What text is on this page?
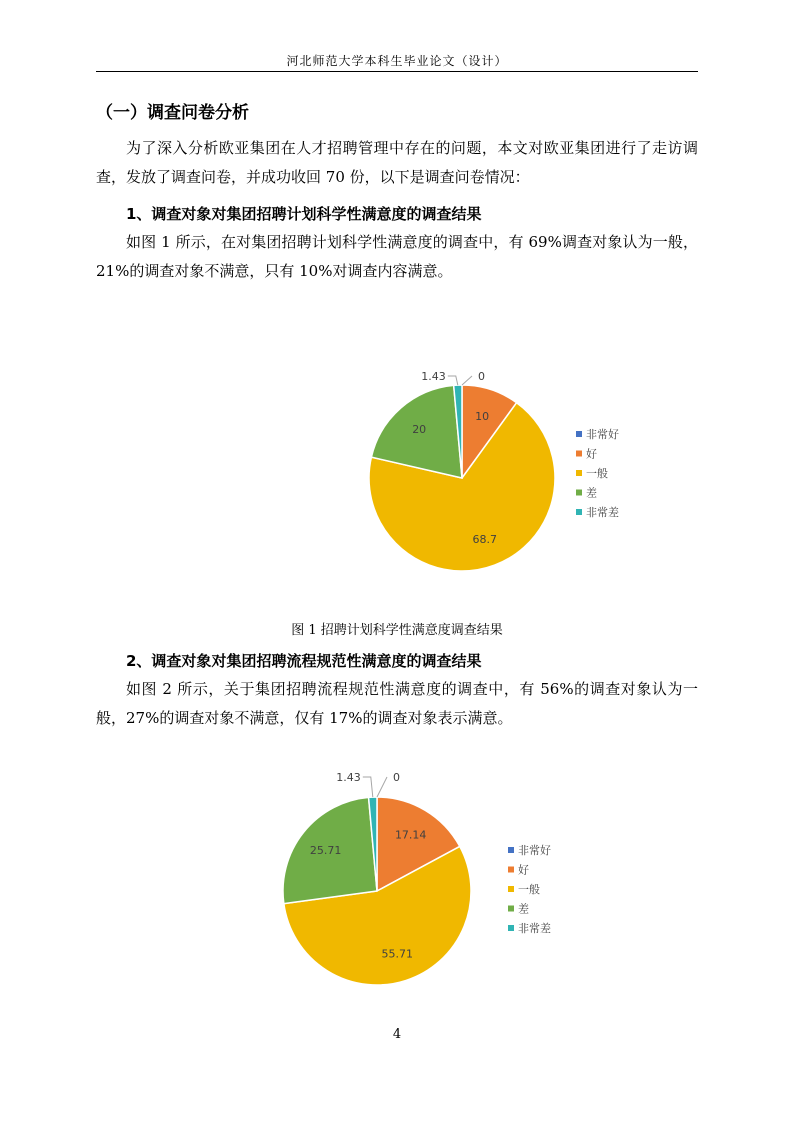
河北师范大学本科生毕业论文（设计）
（一）调查问卷分析

为了深入分析欧亚集团在人才招聘管理中存在的问题，本文对欧亚集团进行了走访调查，发放了调查问卷，并成功收回 70 份，以下是调查问卷情况：

1、调查对象对集团招聘计划科学性满意度的调查结果

如图 1 所示，在对集团招聘计划科学性满意度的调查中，有 69%调查对象认为一般，21%的调查对象不满意，只有 10%对调查内容满意。

0
10
68.7
20
1.43
非常好
好
一般
差
非常差
图 1 招聘计划科学性满意度调查结果
2、调查对象对集团招聘流程规范性满意度的调查结果

如图 2 所示，关于集团招聘流程规范性满意度的调查中，有 56%的调查对象认为一般，27%的调查对象不满意，仅有 17%的调查对象表示满意。

0
17.14
55.71
25.71
1.43
非常好
好
一般
差
非常差
4
